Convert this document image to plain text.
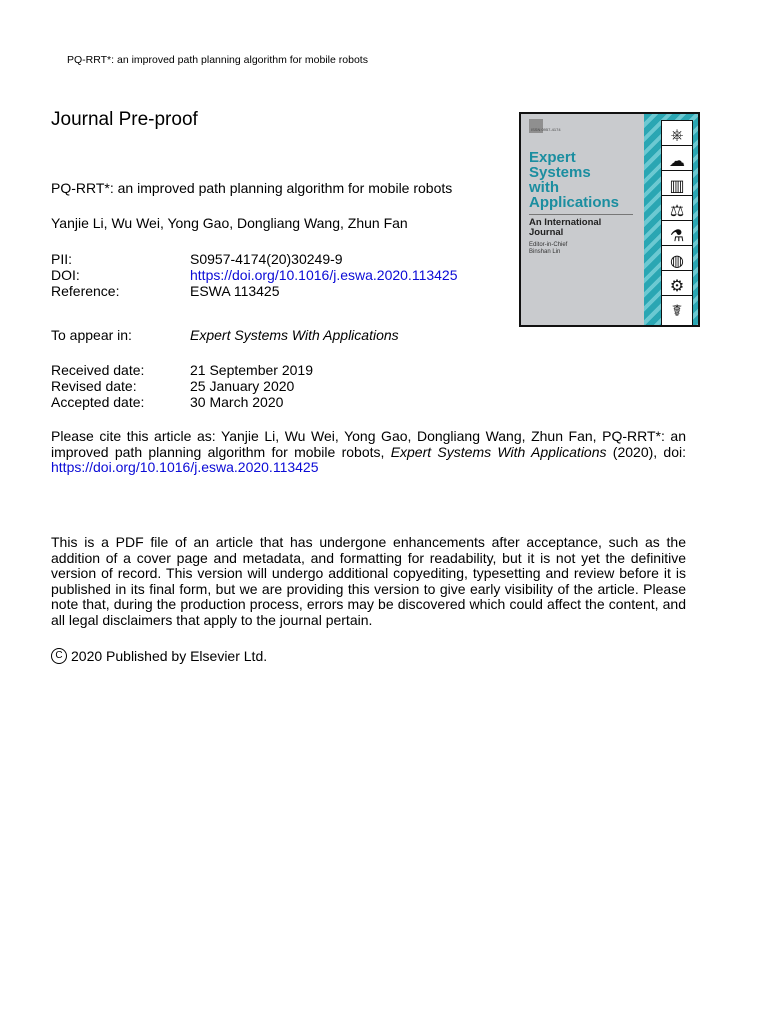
PQ-RRT*: an improved path planning algorithm for mobile robots
Journal Pre-proof	ISSN 0957-4174
Expert
Systems
with
Applications
An International
Journal
Editor-in-Chief
Binshan Lin
⎈
☁
▥
⚖
⚗
◍
⚙
☤
PQ-RRT*: an improved path planning algorithm for mobile robots
Yanjie Li, Wu Wei, Yong Gao, Dongliang Wang, Zhun Fan
PII:	S0957-4174(20)30249-9
DOI:	https://doi.org/10.1016/j.eswa.2020.113425
Reference:	ESWA 113425
To appear in:	Expert Systems With Applications
Received date:	21 September 2019
Revised date:	25 January 2020
Accepted date:	30 March 2020
Please cite this article as: Yanjie Li, Wu Wei, Yong Gao, Dongliang Wang, Zhun Fan, PQ-RRT*: an improved path planning algorithm for mobile robots, Expert Systems With Applications (2020), doi: https://doi.org/10.1016/j.eswa.2020.113425
This is a PDF file of an article that has undergone enhancements after acceptance, such as the addition of a cover page and metadata, and formatting for readability, but it is not yet the definitive version of record. This version will undergo additional copyediting, typesetting and review before it is published in its final form, but we are providing this version to give early visibility of the article. Please note that, during the production process, errors may be discovered which could affect the content, and all legal disclaimers that apply to the journal pertain.
C 2020 Published by Elsevier Ltd.
